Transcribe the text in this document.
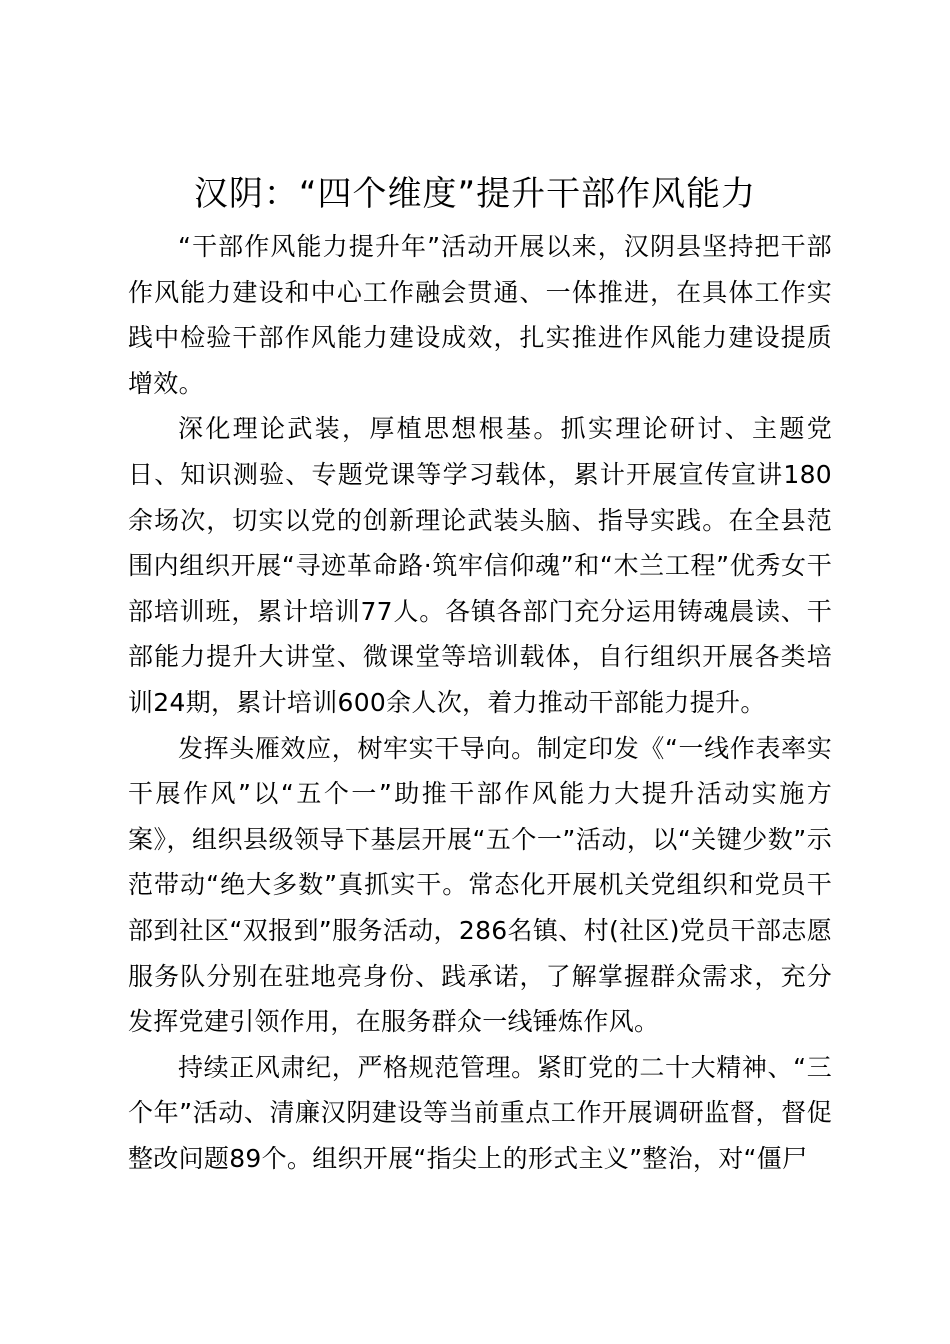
汉阴：“四个维度”提升干部作风能力

“干部作风能力提升年”活动开展以来，汉阴县坚持把干部作风能力建设和中心工作融会贯通、一体推进，在具体工作实践中检验干部作风能力建设成效，扎实推进作风能力建设提质增效。

深化理论武装，厚植思想根基。抓实理论研讨、主题党日、知识测验、专题党课等学习载体，累计开展宣传宣讲180余场次，切实以党的创新理论武装头脑、指导实践。在全县范围内组织开展“寻迹革命路·筑牢信仰魂”和“木兰工程”优秀女干部培训班，累计培训77人。各镇各部门充分运用铸魂晨读、干部能力提升大讲堂、微课堂等培训载体，自行组织开展各类培训24期，累计培训600余人次，着力推动干部能力提升。

发挥头雁效应，树牢实干导向。制定印发《“一线作表率实干展作风”以“五个一”助推干部作风能力大提升活动实施方案》，组织县级领导下基层开展“五个一”活动，以“关键少数”示范带动“绝大多数”真抓实干。常态化开展机关党组织和党员干部到社区“双报到”服务活动，286名镇、村(社区)党员干部志愿服务队分别在驻地亮身份、践承诺，了解掌握群众需求，充分发挥党建引领作用，在服务群众一线锤炼作风。

持续正风肃纪，严格规范管理。紧盯党的二十大精神、“三个年”活动、清廉汉阴建设等当前重点工作开展调研监督，督促整改问题89个。组织开展“指尖上的形式主义”整治，对“僵尸
